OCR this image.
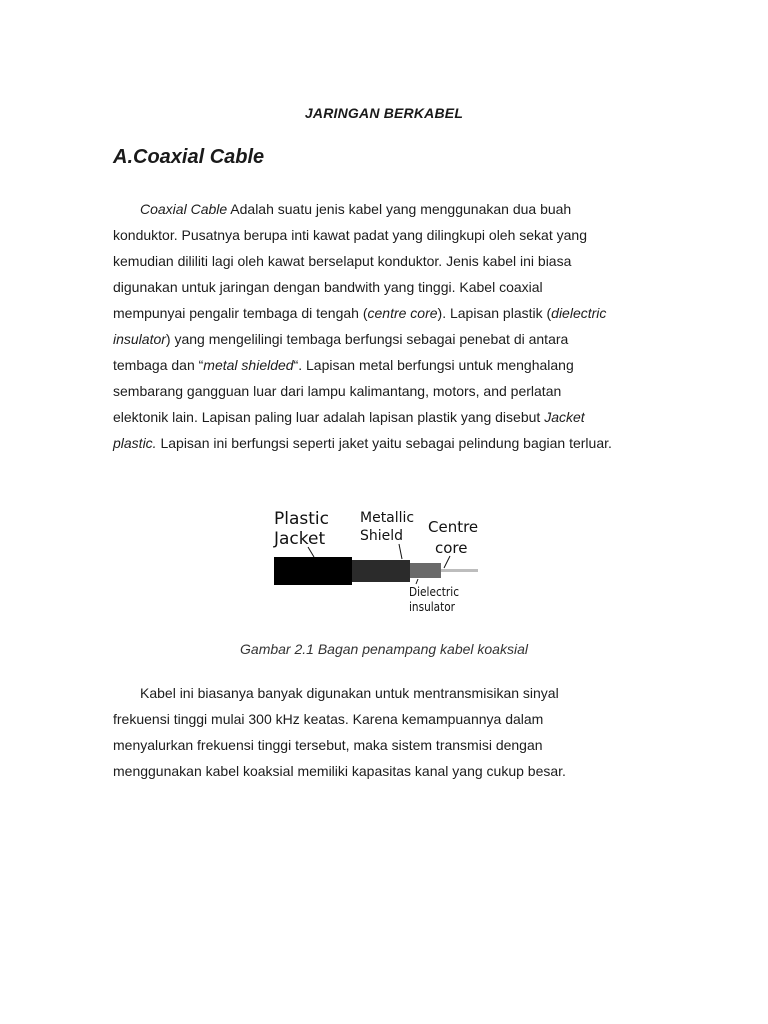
JARINGAN BERKABEL
A.Coaxial Cable
Coaxial Cable Adalah suatu jenis kabel yang menggunakan dua buah
konduktor. Pusatnya berupa inti kawat padat yang dilingkupi oleh sekat yang
kemudian dililiti lagi oleh kawat berselaput konduktor. Jenis kabel ini biasa
digunakan untuk jaringan dengan bandwith yang tinggi. Kabel coaxial
mempunyai pengalir tembaga di tengah (centre core). Lapisan plastik (dielectric
insulator) yang mengelilingi tembaga berfungsi sebagai penebat di antara
tembaga dan “metal shielded“. Lapisan metal berfungsi untuk menghalang
sembarang gangguan luar dari lampu kalimantang, motors, and perlatan
elektonik lain. Lapisan paling luar adalah lapisan plastik yang disebut Jacket
plastic. Lapisan ini berfungsi seperti jaket yaitu sebagai pelindung bagian terluar.
Plastic
Jacket
Metallic
Shield Centre
core
Dielectric
insulator
Gambar 2.1 Bagan penampang kabel koaksial
Kabel ini biasanya banyak digunakan untuk mentransmisikan sinyal
frekuensi tinggi mulai 300 kHz keatas. Karena kemampuannya dalam
menyalurkan frekuensi tinggi tersebut, maka sistem transmisi dengan
menggunakan kabel koaksial memiliki kapasitas kanal yang cukup besar.
